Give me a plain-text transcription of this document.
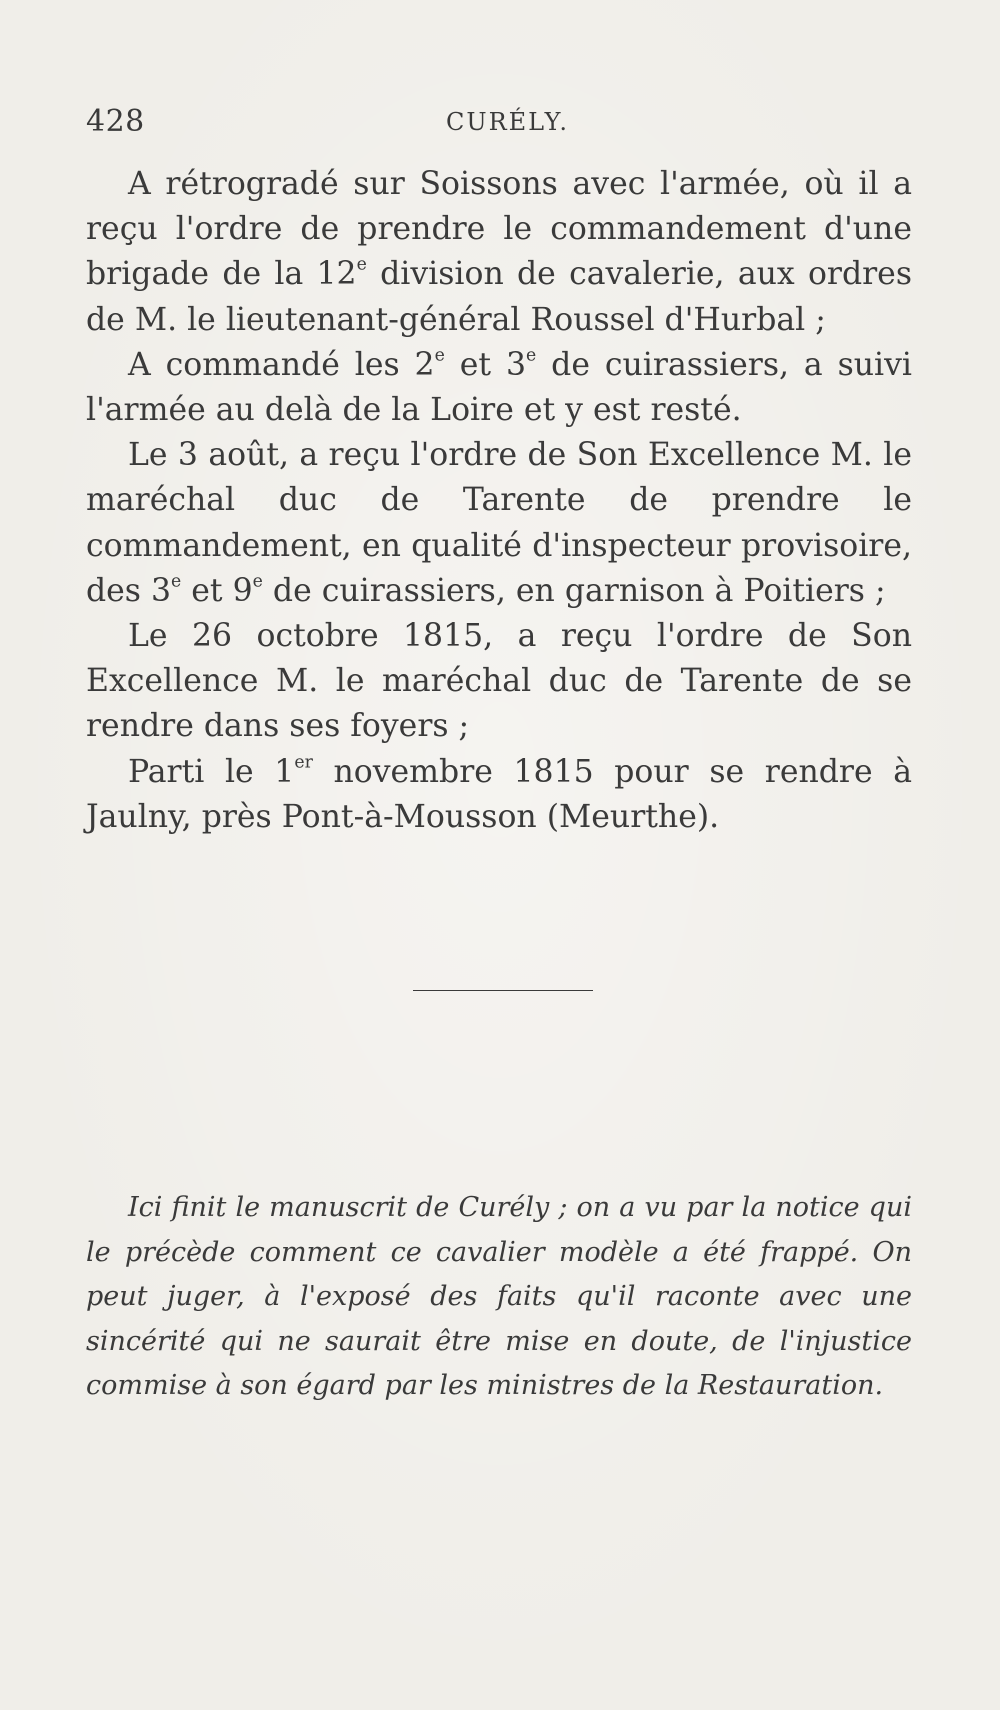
428	CURÉLY.

A rétrogradé sur Soissons avec l'armée, où il a reçu l'ordre de prendre le commandement d'une brigade de la 12e division de cavalerie, aux ordres de M. le lieutenant-général Roussel d'Hurbal ;

A commandé les 2e et 3e de cuirassiers, a suivi l'armée au delà de la Loire et y est resté.

Le 3 août, a reçu l'ordre de Son Excellence M. le maréchal duc de Tarente de prendre le commandement, en qualité d'inspecteur provisoire, des 3e et 9e de cuirassiers, en garnison à Poitiers ;

Le 26 octobre 1815, a reçu l'ordre de Son Excellence M. le maréchal duc de Tarente de se rendre dans ses foyers ;

Parti le 1er novembre 1815 pour se rendre à Jaulny, près Pont-à-Mousson (Meurthe).

Ici finit le manuscrit de Curély ; on a vu par la notice qui le précède comment ce cavalier modèle a été frappé. On peut juger, à l'exposé des faits qu'il raconte avec une sincérité qui ne saurait être mise en doute, de l'injustice commise à son égard par les ministres de la Restauration.
